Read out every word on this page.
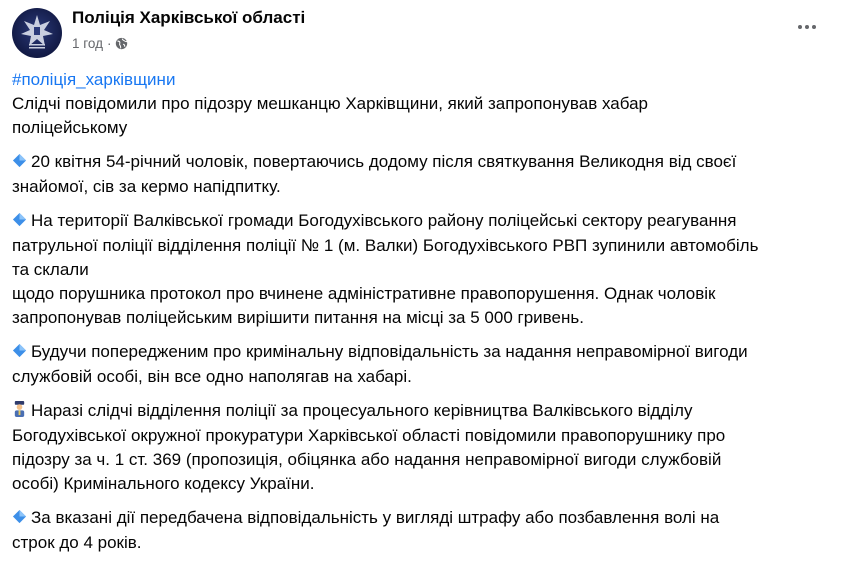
Поліція Харківської області
1 год ·
#поліція_харківщини
Слідчі повідомили про підозру мешканцю Харківщини, який запропонував хабар
поліцейському
20 квітня 54-річний чоловік, повертаючись додому після святкування Великодня від своєї
знайомої, сів за кермо напідпитку.
На території Валківської громади Богодухівського району поліцейські сектору реагування
патрульної поліції відділення поліції № 1 (м. Валки) Богодухівського РВП зупинили автомобіль
та склали
щодо порушника протокол про вчинене адміністративне правопорушення. Однак чоловік
запропонував поліцейським вирішити питання на місці за 5 000 гривень.
Будучи попередженим про кримінальну відповідальність за надання неправомірної вигоди
службовій особі, він все одно наполягав на хабарі.
Наразі слідчі відділення поліції за процесуального керівництва Валківського відділу
Богодухівської окружної прокуратури Харківської області повідомили правопорушнику про
підозру за ч. 1 ст. 369 (пропозиція, обіцянка або надання неправомірної вигоди службовій
особі) Кримінального кодексу України.
За вказані дії передбачена відповідальність у вигляді штрафу або позбавлення волі на
строк до 4 років.
